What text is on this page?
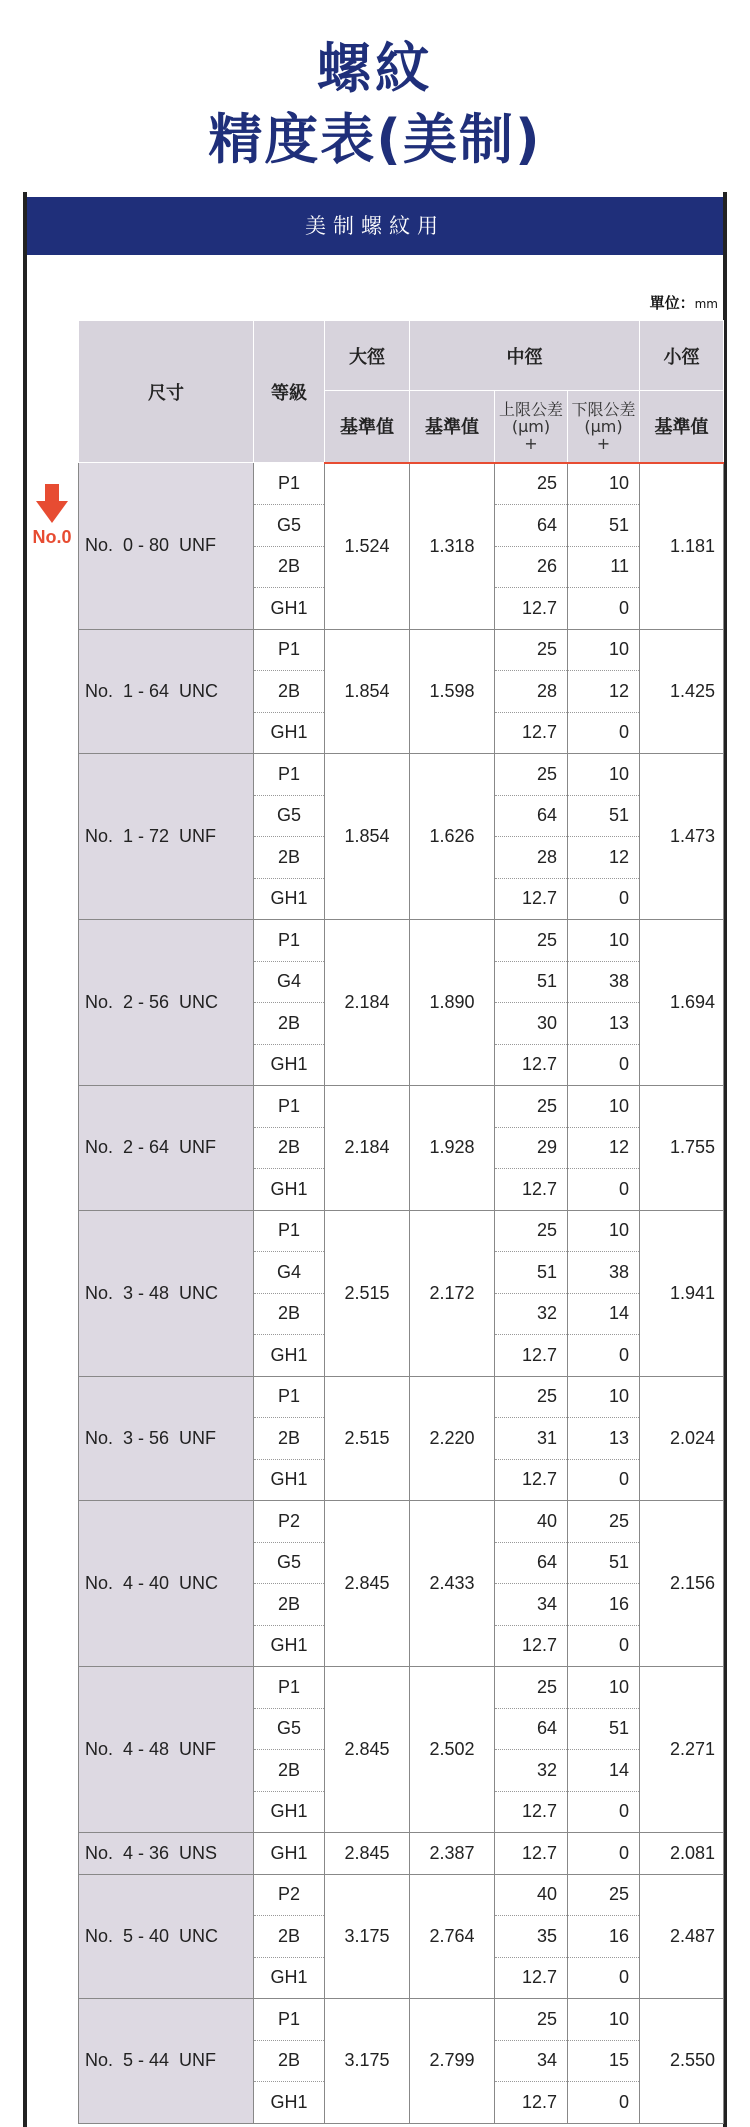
螺紋
精度表(美制)
美制螺紋用
單位：mm
No.0
尺寸	等級	大徑	中徑			小徑
		基準值	基準值	上限公差
(µm)
+	下限公差
(µm)
+	基準值
No.  0 - 80  UNF	P1	1.524	1.318	25	10	1.181
	G5			64	51	
	2B			26	11	
	GH1			12.7	0	
No.  1 - 64  UNC	P1	1.854	1.598	25	10	1.425
	2B			28	12	
	GH1			12.7	0	
No.  1 - 72  UNF	P1	1.854	1.626	25	10	1.473
	G5			64	51	
	2B			28	12	
	GH1			12.7	0	
No.  2 - 56  UNC	P1	2.184	1.890	25	10	1.694
	G4			51	38	
	2B			30	13	
	GH1			12.7	0	
No.  2 - 64  UNF	P1	2.184	1.928	25	10	1.755
	2B			29	12	
	GH1			12.7	0	
No.  3 - 48  UNC	P1	2.515	2.172	25	10	1.941
	G4			51	38	
	2B			32	14	
	GH1			12.7	0	
No.  3 - 56  UNF	P1	2.515	2.220	25	10	2.024
	2B			31	13	
	GH1			12.7	0	
No.  4 - 40  UNC	P2	2.845	2.433	40	25	2.156
	G5			64	51	
	2B			34	16	
	GH1			12.7	0	
No.  4 - 48  UNF	P1	2.845	2.502	25	10	2.271
	G5			64	51	
	2B			32	14	
	GH1			12.7	0	
No.  4 - 36  UNS	GH1	2.845	2.387	12.7	0	2.081
No.  5 - 40  UNC	P2	3.175	2.764	40	25	2.487
	2B			35	16	
	GH1			12.7	0	
No.  5 - 44  UNF	P1	3.175	2.799	25	10	2.550
	2B			34	15	
	GH1			12.7	0	
